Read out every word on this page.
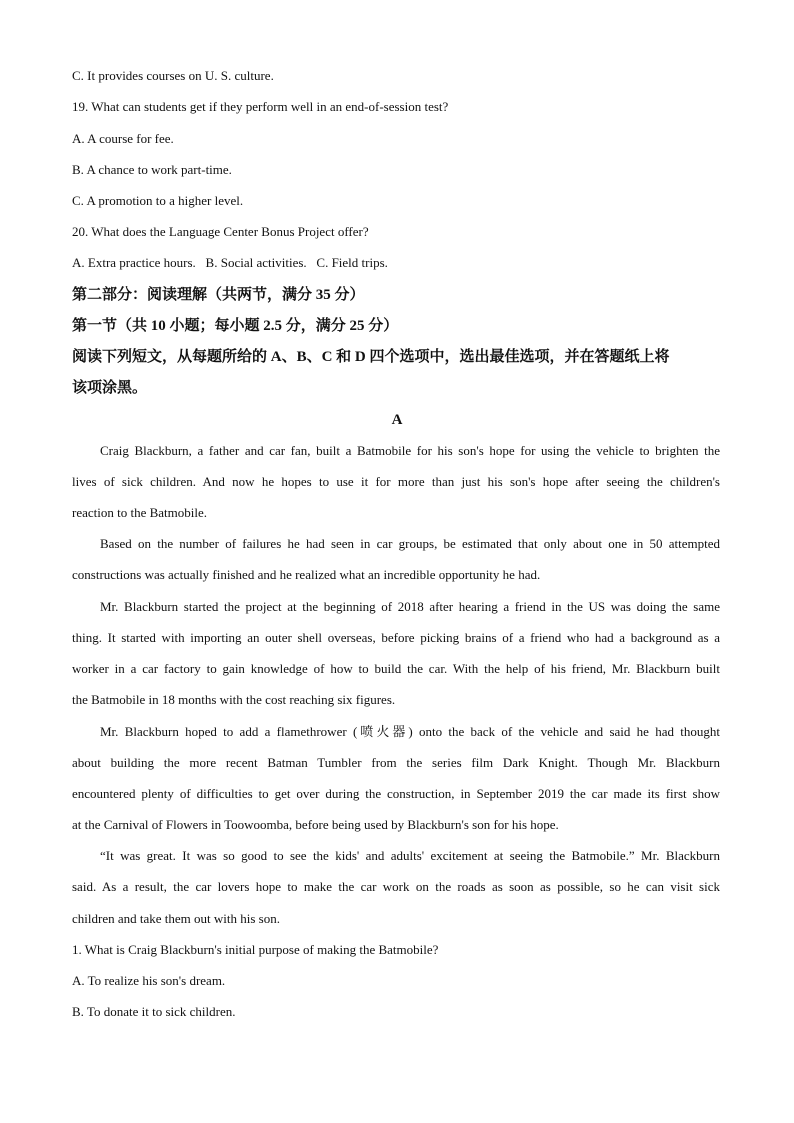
C. It provides courses on U. S. culture.
19. What can students get if they perform well in an end-of-session test?
A. A course for fee.
B. A chance to work part-time.
C. A promotion to a higher level.
20. What does the Language Center Bonus Project offer?
A. Extra practice hours.   B. Social activities.   C. Field trips.
第二部分：阅读理解（共两节，满分 35 分）
第一节（共 10 小题；每小题 2.5 分，满分 25 分）
阅读下列短文，从每题所给的 A、B、C 和 D 四个选项中，选出最佳选项，并在答题纸上将
该项涂黑。
A
Craig Blackburn, a father and car fan, built a Batmobile for his son's hope for using the vehicle to brighten the
lives of sick children. And now he hopes to use it for more than just his son's hope after seeing the children's
reaction to the Batmobile.
Based on the number of failures he had seen in car groups, be estimated that only about one in 50 attempted
constructions was actually finished and he realized what an incredible opportunity he had.
Mr. Blackburn started the project at the beginning of 2018 after hearing a friend in the US was doing the same
thing. It started with importing an outer shell overseas, before picking brains of a friend who had a background as a
worker in a car factory to gain knowledge of how to build the car. With the help of his friend, Mr. Blackburn built
the Batmobile in 18 months with the cost reaching six figures.
Mr. Blackburn hoped to add a flamethrower (喷火器) onto the back of the vehicle and said he had thought
about building the more recent Batman Tumbler from the series film Dark Knight. Though Mr. Blackburn
encountered plenty of difficulties to get over during the construction, in September 2019 the car made its first show
at the Carnival of Flowers in Toowoomba, before being used by Blackburn's son for his hope.
“It was great. It was so good to see the kids' and adults' excitement at seeing the Batmobile.” Mr. Blackburn
said. As a result, the car lovers hope to make the car work on the roads as soon as possible, so he can visit sick
children and take them out with his son.
1. What is Craig Blackburn's initial purpose of making the Batmobile?
A. To realize his son's dream.
B. To donate it to sick children.
